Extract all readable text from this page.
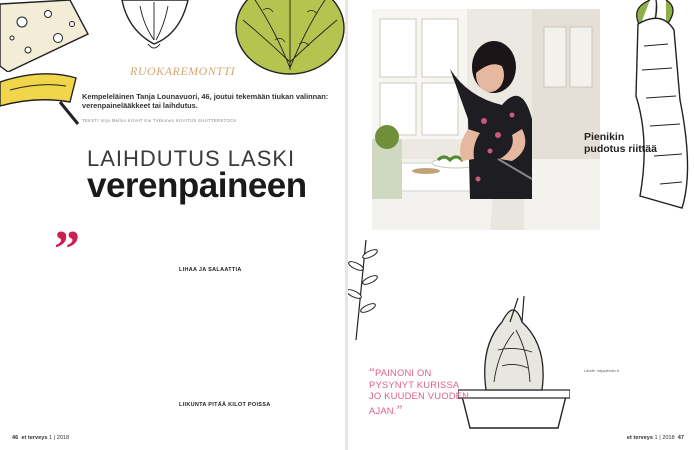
RUOKAREMONTTI
Kempeleläinen Tanja Lounavuori, 46, joutui tekemään tiukan valinnan: verenpainelääkkeet tai laihdutus.
TEKSTI Virpi Mellon KUVAT Kai Tirkkonen KUVITUS SHUTTERSTOCK
LAIHDUTUS LASKI
verenpaineen
”	LIHAA JA SALAATTIA
LIIKUNTA PITÄÄ KILOT POISSA
46 et terveys 1 | 2018
“PAINONI ON PYSYNYT KURISSA JO KUUDEN VUODEN AJAN.”
Pienikin pudotus riittää
Lähde: käypähoito.fi
et terveys 1 | 2018 47
